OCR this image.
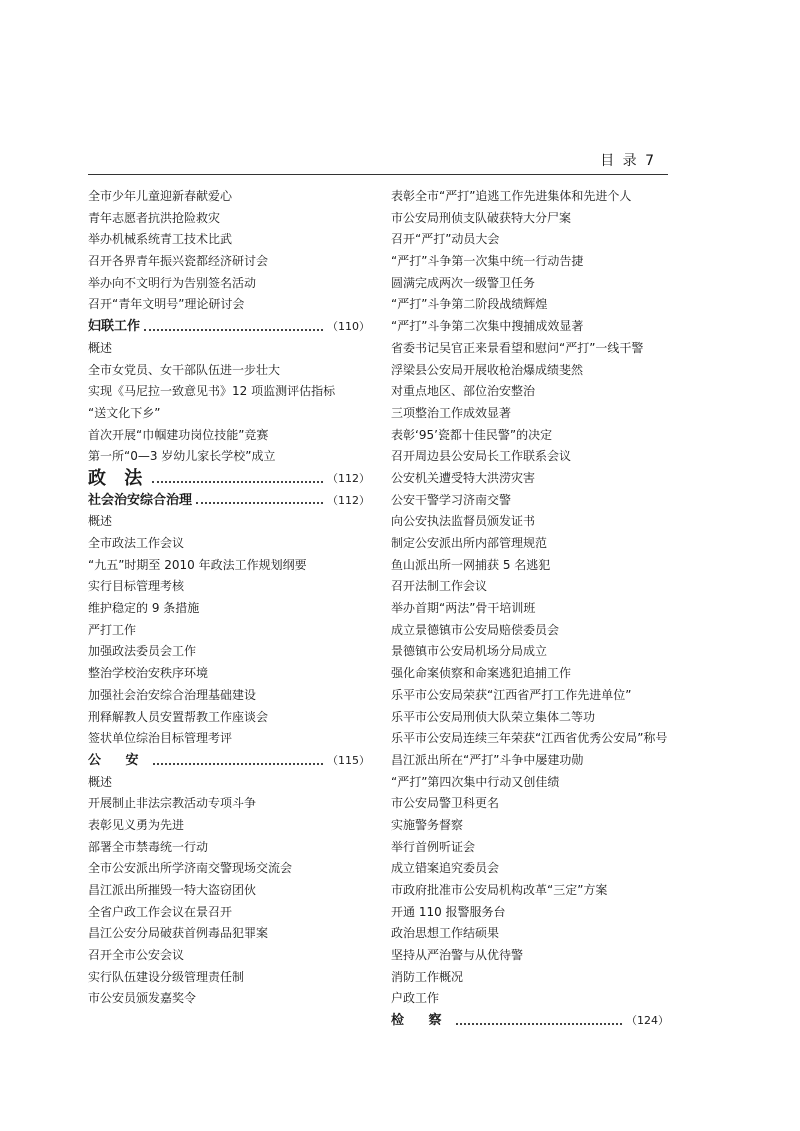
目 录 7
全市少年儿童迎新春献爱心
青年志愿者抗洪抢险救灾
举办机械系统青工技术比武
召开各界青年振兴瓷都经济研讨会
举办向不文明行为告别签名活动
召开“青年文明号”理论研讨会
妇联工作	（110）
概述
全市女党员、女干部队伍进一步壮大
实现《马尼拉一致意见书》12 项监测评估指标
“送文化下乡”
首次开展“巾帼建功岗位技能”竞赛
第一所“0—3 岁幼儿家长学校”成立
政 法	（112）
社会治安综合治理	（112）
概述
全市政法工作会议
“九五”时期至 2010 年政法工作规划纲要
实行目标管理考核
维护稳定的 9 条措施
严打工作
加强政法委员会工作
整治学校治安秩序环境
加强社会治安综合治理基础建设
刑释解教人员安置帮教工作座谈会
签状单位综治目标管理考评
公 安	（115）
概述
开展制止非法宗教活动专项斗争
表彰见义勇为先进
部署全市禁毒统一行动
全市公安派出所学济南交警现场交流会
昌江派出所摧毁一特大盗窃团伙
全省户政工作会议在景召开
昌江公安分局破获首例毒品犯罪案
召开全市公安会议
实行队伍建设分级管理责任制
市公安员颁发嘉奖令
表彰全市“严打”追逃工作先进集体和先进个人
市公安局刑侦支队破获特大分尸案
召开“严打”动员大会
“严打”斗争第一次集中统一行动告捷
圆满完成两次一级警卫任务
“严打”斗争第二阶段战绩辉煌
“严打”斗争第二次集中搜捕成效显著
省委书记吴官正来景看望和慰问“严打”一线干警
浮梁县公安局开展收枪治爆成绩斐然
对重点地区、部位治安整治
三项整治工作成效显著
表彰‘95’瓷都十佳民警”的决定
召开周边县公安局长工作联系会议
公安机关遭受特大洪涝灾害
公安干警学习济南交警
向公安执法监督员颁发证书
制定公安派出所内部管理规范
鱼山派出所一网捕获 5 名逃犯
召开法制工作会议
举办首期“两法”骨干培训班
成立景德镇市公安局赔偿委员会
景德镇市公安局机场分局成立
强化命案侦察和命案逃犯追捕工作
乐平市公安局荣获“江西省严打工作先进单位”
乐平市公安局刑侦大队荣立集体二等功
乐平市公安局连续三年荣获“江西省优秀公安局”称号
昌江派出所在“严打”斗争中屡建功勋
“严打”第四次集中行动又创佳绩
市公安局警卫科更名
实施警务督察
举行首例听证会
成立错案追究委员会
市政府批准市公安局机构改革“三定”方案
开通 110 报警服务台
政治思想工作结硕果
坚持从严治警与从优待警
消防工作概况
户政工作
检 察	（124）
